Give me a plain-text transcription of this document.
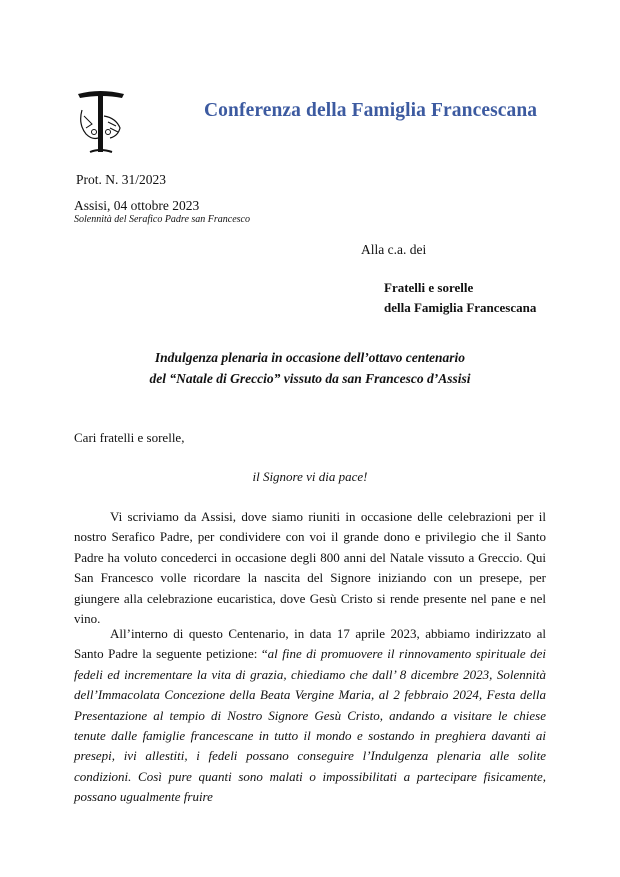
Conferenza della Famiglia Francescana
Prot. N. 31/2023
Assisi, 04 ottobre 2023
Solennità del Serafico Padre san Francesco
Alla c.a. dei
Fratelli e sorelle
della Famiglia Francescana
Indulgenza plenaria in occasione dell’ottavo centenario
del “Natale di Greccio” vissuto da san Francesco d’Assisi
Cari fratelli e sorelle,
il Signore vi dia pace!

Vi scriviamo da Assisi, dove siamo riuniti in occasione delle celebrazioni per il nostro Serafico Padre, per condividere con voi il grande dono e privilegio che il Santo Padre ha voluto concederci in occasione degli 800 anni del Natale vissuto a Greccio. Qui San Francesco volle ricordare la nascita del Signore iniziando con un presepe, per giungere alla celebrazione eucaristica, dove Gesù Cristo si rende presente nel pane e nel vino.

All’interno di questo Centenario, in data 17 aprile 2023, abbiamo indirizzato al Santo Padre la seguente petizione: “al fine di promuovere il rinnovamento spirituale dei fedeli ed incrementare la vita di grazia, chiediamo che dall’ 8 dicembre 2023, Solennità dell’Immacolata Concezione della Beata Vergine Maria, al 2 febbraio 2024, Festa della Presentazione al tempio di Nostro Signore Gesù Cristo, andando a visitare le chiese tenute dalle famiglie francescane in tutto il mondo e sostando in preghiera davanti ai presepi, ivi allestiti, i fedeli possano conseguire l’Indulgenza plenaria alle solite condizioni. Così pure quanti sono malati o impossibilitati a partecipare fisicamente, possano ugualmente fruire
